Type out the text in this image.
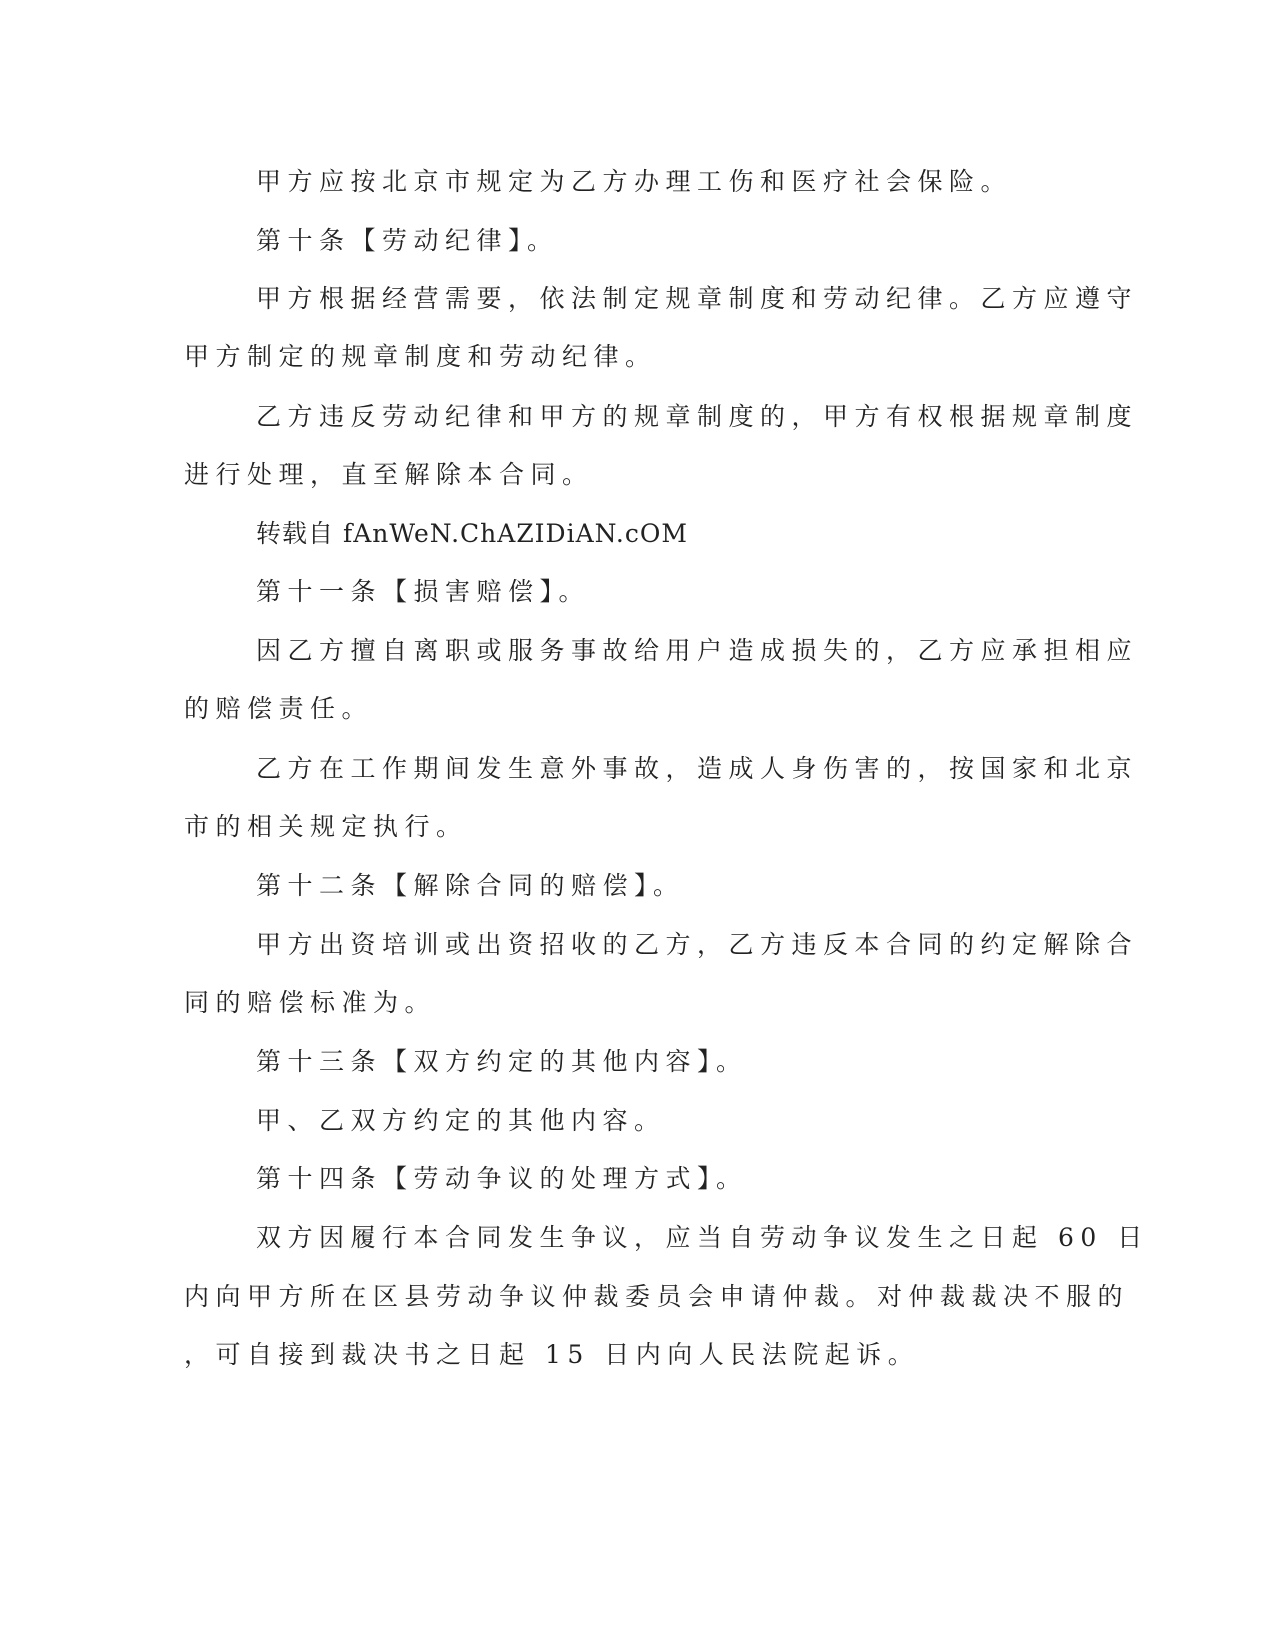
甲方应按北京市规定为乙方办理工伤和医疗社会保险。
第十条【劳动纪律】。
甲方根据经营需要，依法制定规章制度和劳动纪律。乙方应遵守
甲方制定的规章制度和劳动纪律。
乙方违反劳动纪律和甲方的规章制度的，甲方有权根据规章制度
进行处理，直至解除本合同。
转载自 fAnWeN.ChAZIDiAN.cOM
第十一条【损害赔偿】。
因乙方擅自离职或服务事故给用户造成损失的，乙方应承担相应
的赔偿责任。
乙方在工作期间发生意外事故，造成人身伤害的，按国家和北京
市的相关规定执行。
第十二条【解除合同的赔偿】。
甲方出资培训或出资招收的乙方，乙方违反本合同的约定解除合
同的赔偿标准为。
第十三条【双方约定的其他内容】。
甲、乙双方约定的其他内容。
第十四条【劳动争议的处理方式】。
双方因履行本合同发生争议，应当自劳动争议发生之日起 60 日
内向甲方所在区县劳动争议仲裁委员会申请仲裁。对仲裁裁决不服的
，可自接到裁决书之日起 15 日内向人民法院起诉。
